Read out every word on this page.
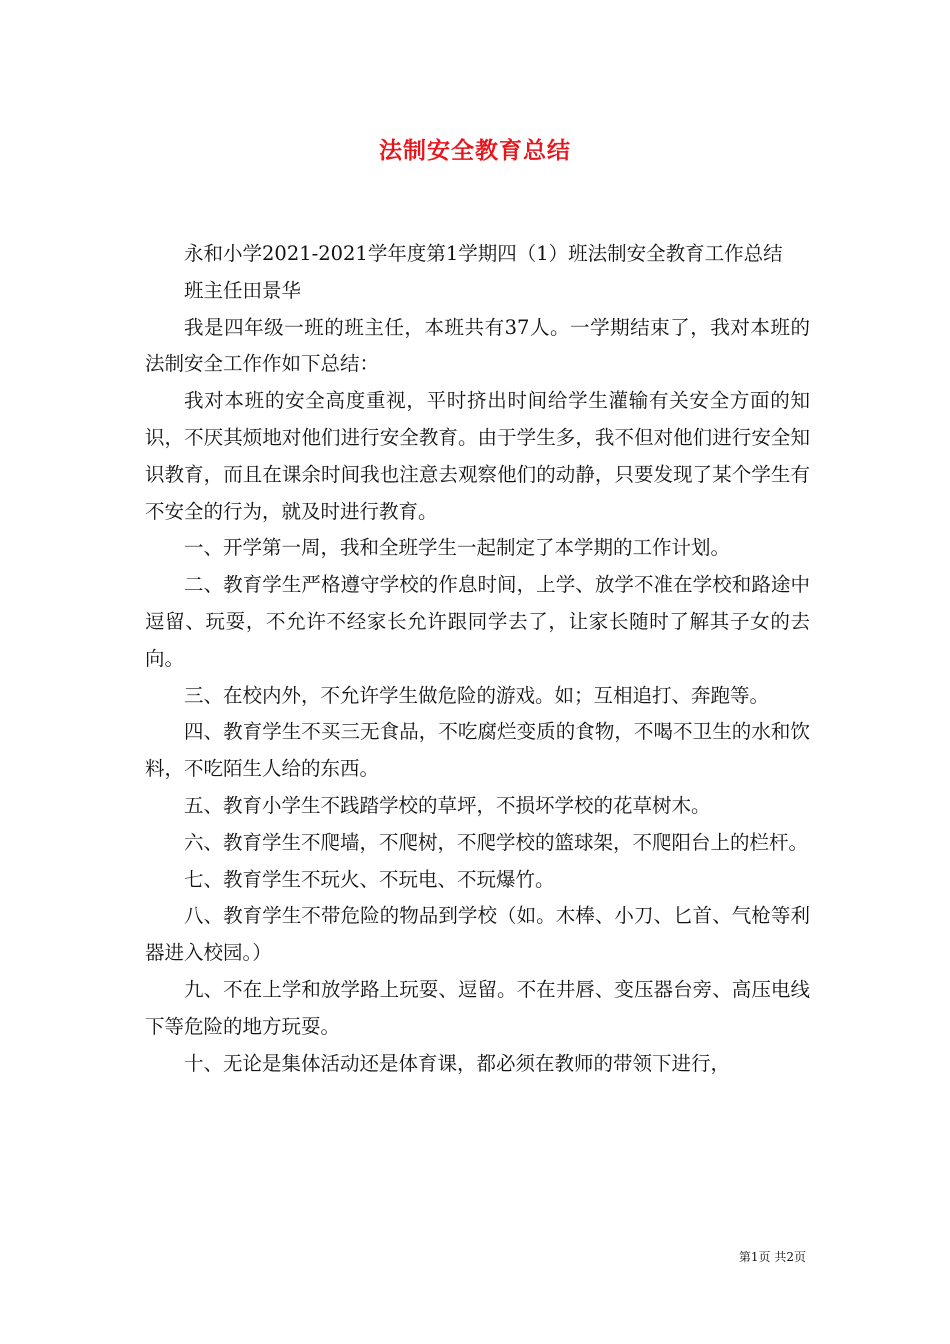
法制安全教育总结

永和小学2021-2021学年度第1学期四（1）班法制安全教育工作总结

班主任田景华

我是四年级一班的班主任，本班共有37人。一学期结束了，我对本班的法制安全工作作如下总结：

我对本班的安全高度重视，平时挤出时间给学生灌输有关安全方面的知识，不厌其烦地对他们进行安全教育。由于学生多，我不但对他们进行安全知识教育，而且在课余时间我也注意去观察他们的动静，只要发现了某个学生有不安全的行为，就及时进行教育。

一、开学第一周，我和全班学生一起制定了本学期的工作计划。

二、教育学生严格遵守学校的作息时间，上学、放学不准在学校和路途中逗留、玩耍，不允许不经家长允许跟同学去了，让家长随时了解其子女的去向。

三、在校内外，不允许学生做危险的游戏。如；互相追打、奔跑等。

四、教育学生不买三无食品，不吃腐烂变质的食物，不喝不卫生的水和饮料，不吃陌生人给的东西。

五、教育小学生不践踏学校的草坪，不损坏学校的花草树木。

六、教育学生不爬墙，不爬树，不爬学校的篮球架，不爬阳台上的栏杆。

七、教育学生不玩火、不玩电、不玩爆竹。

八、教育学生不带危险的物品到学校（如。木棒、小刀、匕首、气枪等利器进入校园。）

九、不在上学和放学路上玩耍、逗留。不在井唇、变压器台旁、高压电线下等危险的地方玩耍。

十、无论是集体活动还是体育课，都必须在教师的带领下进行，

第1页 共2页
